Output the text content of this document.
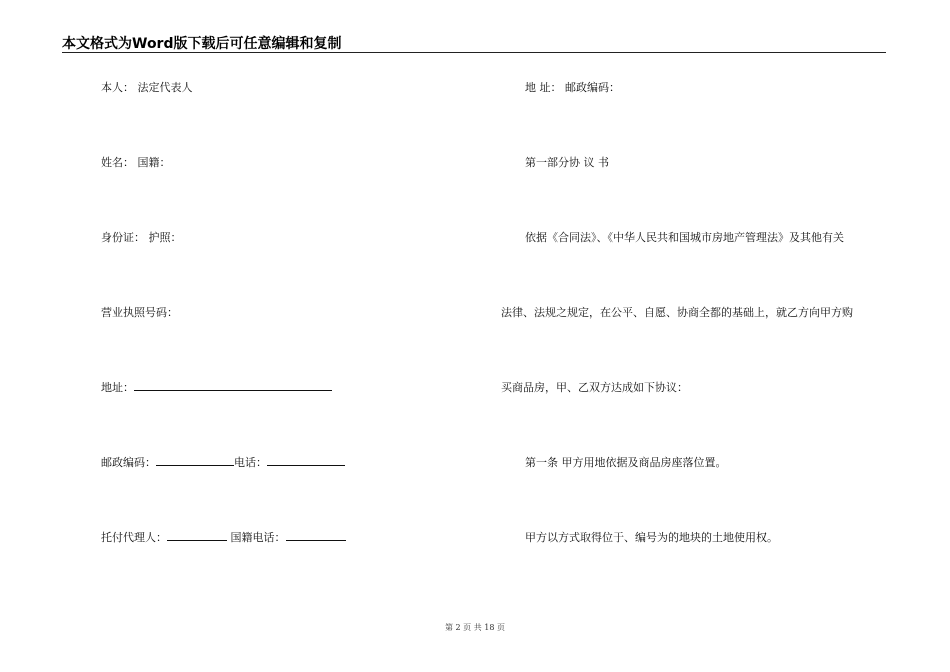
本文格式为Word版下载后可任意编辑和复制
本人： 法定代表人
姓名： 国籍：
身份证： 护照：
营业执照号码：
地址：
邮政编码：	电话：
托付代理人：	国籍电话：
地 址： 邮政编码：
第一部分协 议 书
依据《合同法》、《中华人民共和国城市房地产管理法》及其他有关
法律、法规之规定，在公平、自愿、协商全都的基础上，就乙方向甲方购
买商品房，甲、乙双方达成如下协议：
第一条 甲方用地依据及商品房座落位置。
甲方以方式取得位于、编号为的地块的土地使用权。
第 2 页 共 18 页
